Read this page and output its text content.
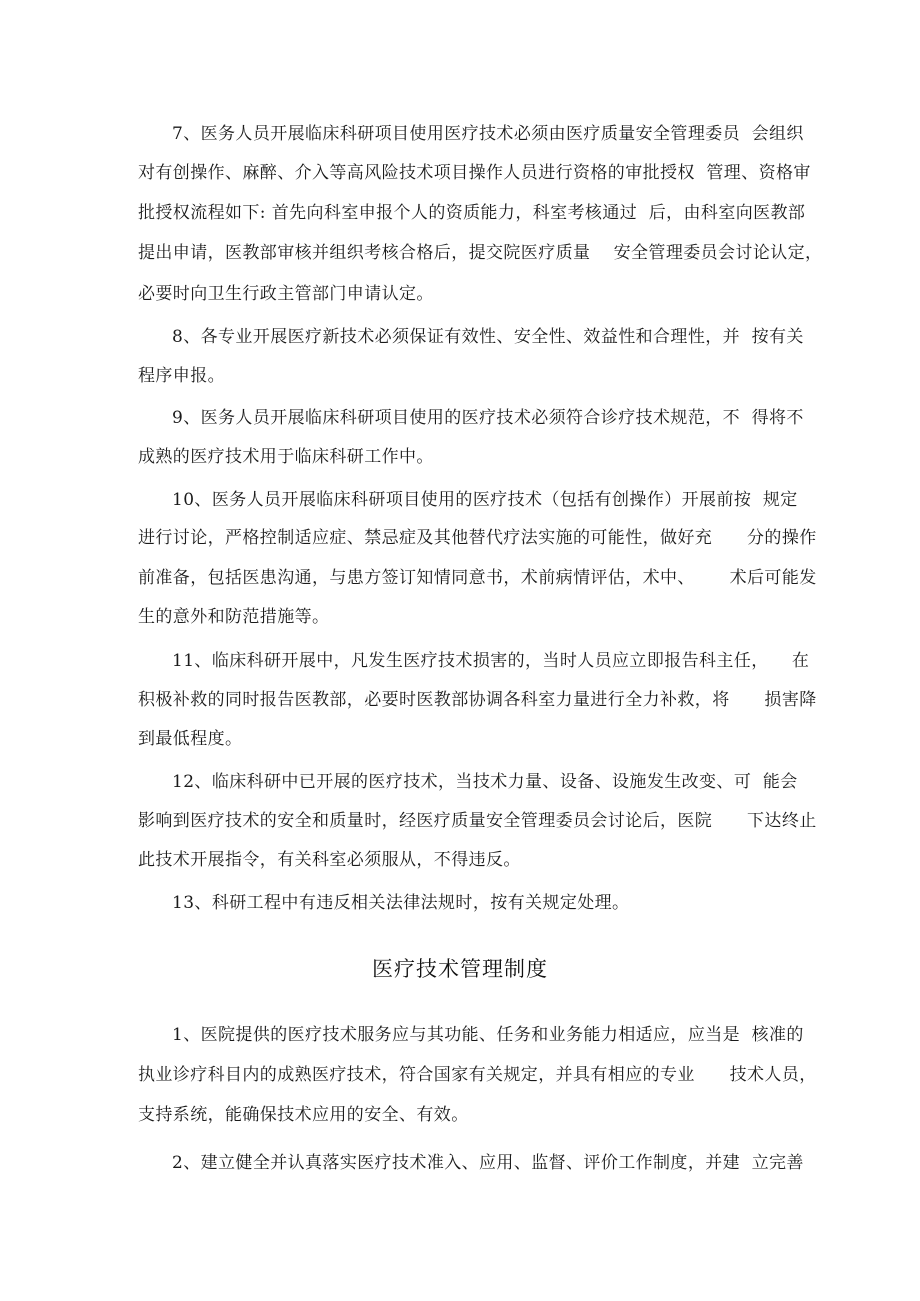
7、医务人员开展临床科研项目使用医疗技术必须由医疗质量安全管理委员  会组织
对有创操作、麻醉、介入等高风险技术项目操作人员进行资格的审批授权  管理、资格审
批授权流程如下: 首先向科室申报个人的资质能力，科室考核通过  后，由科室向医教部
提出申请，医教部审核并组织考核合格后，提交院医疗质量    安全管理委员会讨论认定，
必要时向卫生行政主管部门申请认定。
8、各专业开展医疗新技术必须保证有效性、安全性、效益性和合理性，并  按有关
程序申报。
9、医务人员开展临床科研项目使用的医疗技术必须符合诊疗技术规范，不  得将不
成熟的医疗技术用于临床科研工作中。
10、医务人员开展临床科研项目使用的医疗技术（包括有创操作）开展前按  规定
进行讨论，严格控制适应症、禁忌症及其他替代疗法实施的可能性，做好充      分的操作
前准备，包括医患沟通，与患方签订知情同意书，术前病情评估，术中、      术后可能发
生的意外和防范措施等。
11、临床科研开展中，凡发生医疗技术损害的，当时人员应立即报告科主任，    在
积极补救的同时报告医教部，必要时医教部协调各科室力量进行全力补救，将      损害降
到最低程度。
12、临床科研中已开展的医疗技术，当技术力量、设备、设施发生改变、可  能会
影响到医疗技术的安全和质量时，经医疗质量安全管理委员会讨论后，医院      下达终止
此技术开展指令，有关科室必须服从，不得违反。
13、科研工程中有违反相关法律法规时，按有关规定处理。
医疗技术管理制度
1、医院提供的医疗技术服务应与其功能、任务和业务能力相适应，应当是  核准的
执业诊疗科目内的成熟医疗技术，符合国家有关规定，并具有相应的专业      技术人员，
支持系统，能确保技术应用的安全、有效。
2、建立健全并认真落实医疗技术准入、应用、监督、评价工作制度，并建  立完善
